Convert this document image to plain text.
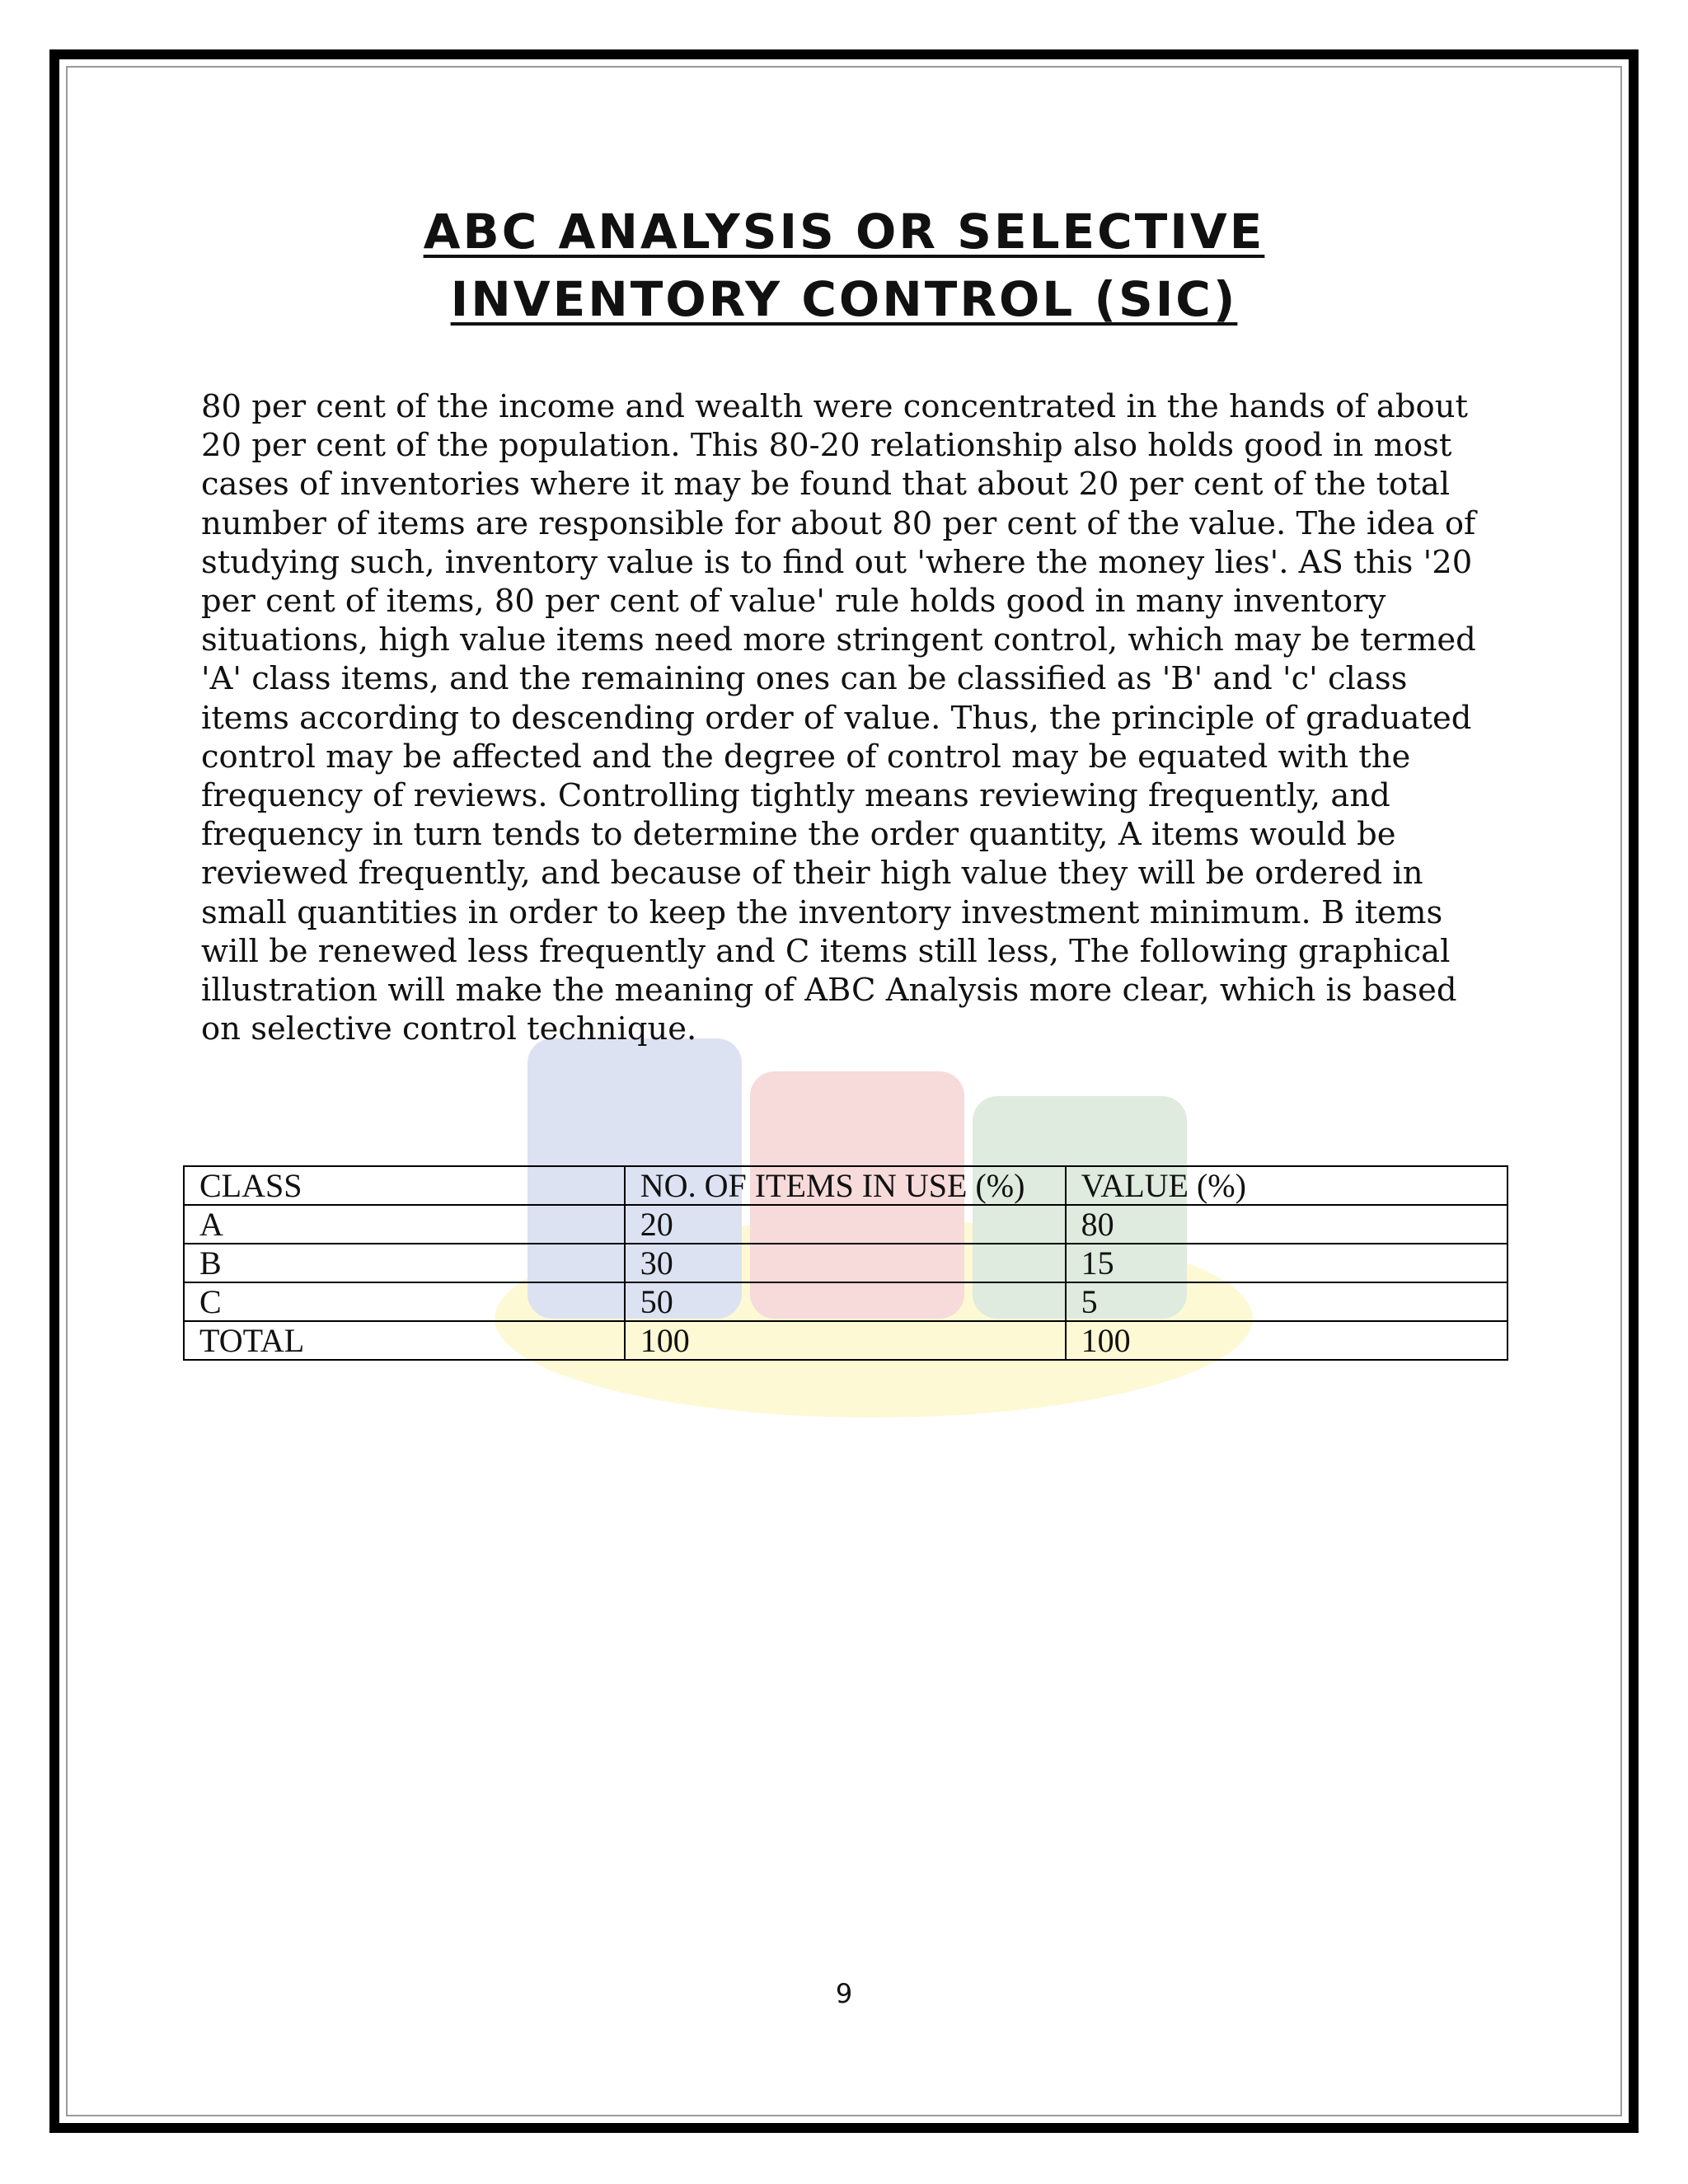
ABC ANALYSIS OR SELECTIVE
INVENTORY CONTROL (SIC)

80 per cent of the income and wealth were concentrated in the hands of about 20 per cent of the population. This 80-20 relationship also holds good in most cases of inventories where it may be found that about 20 per cent of the total number of items are responsible for about 80 per cent of the value. The idea of studying such, inventory value is to find out 'where the money lies'. AS this '20 per cent of items, 80 per cent of value' rule holds good in many inventory situations, high value items need more stringent control, which may be termed 'A' class items, and the remaining ones can be classified as 'B' and 'c' class items according to descending order of value. Thus, the principle of graduated control may be affected and the degree of control may be equated with the frequency of reviews. Controlling tightly means reviewing frequently, and frequency in turn tends to determine the order quantity, A items would be reviewed frequently, and because of their high value they will be ordered in small quantities in order to keep the inventory investment minimum. B items will be renewed less frequently and C items still less, The following graphical illustration will make the meaning of ABC Analysis more clear, which is based on selective control technique.

CLASS	NO. OF ITEMS IN USE (%)	VALUE (%)
A	20	80
B	30	15
C	50	5
TOTAL	100	100
9
